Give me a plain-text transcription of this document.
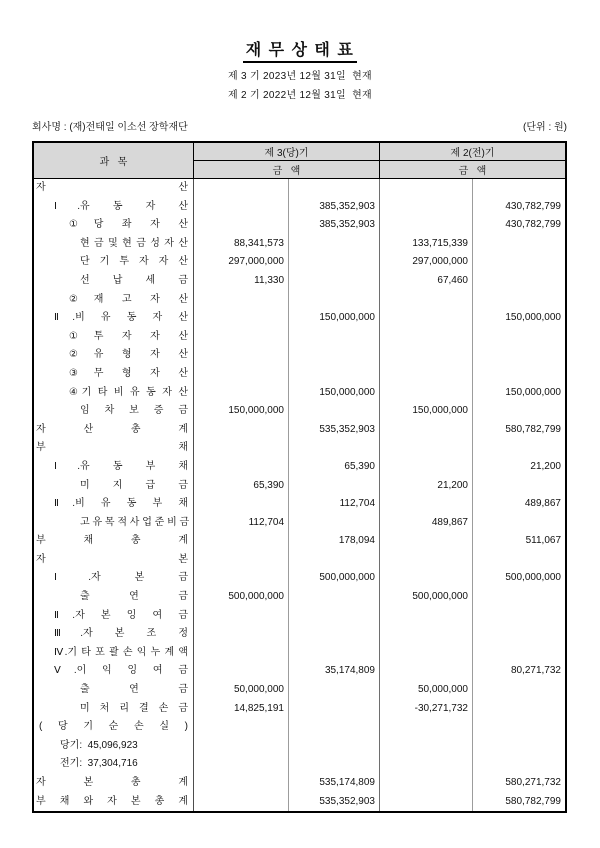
재 무 상 태 표
제 3 기 2023년 12월 31일  현재
제 2 기 2022년 12월 31일  현재
회사명 : (재)전태일 이소선 장학재단	(단위 : 원)
과   목
제 3(당)기	제 2(전)기
금   액	금   액
자 산
Ⅰ.유 동 자 산	385,352,903	430,782,799
①당 좌 자 산	385,352,903	430,782,799
현 금 및 현 금 성 자 산	88,341,573	133,715,339
단 기 투 자 자 산	297,000,000	297,000,000
선 납 세 금	11,330	67,460
②재 고 자 산
Ⅱ.비 유 동 자 산	150,000,000	150,000,000
①투 자 자 산
②유 형 자 산
③무 형 자 산
④기 타 비 유 동 자 산	150,000,000	150,000,000
임 차 보 증 금	150,000,000	150,000,000
자 산 총 계	535,352,903	580,782,799
부 채
Ⅰ.유 동 부 채	65,390	21,200
미 지 급 금	65,390	21,200
Ⅱ.비 유 동 부 채	112,704	489,867
고 유 목 적 사 업 준 비 금	112,704	489,867
부 채 총 계	178,094	511,067
자 본
Ⅰ.자 본 금	500,000,000	500,000,000
출 연 금	500,000,000	500,000,000
Ⅱ.자 본 잉 여 금
Ⅲ.자 본 조 정
Ⅳ.기 타 포 괄 손 익 누 계 액
Ⅴ.이 익 잉 여 금	35,174,809	80,271,732
출 연 금	50,000,000	50,000,000
미 처 리 결 손 금	14,825,191	-30,271,732
( 당 기 순 손 실 )
당기:  45,096,923
전기:  37,304,716
자 본 총 계	535,174,809	580,271,732
부 채 와 자 본 총 계	535,352,903	580,782,799
